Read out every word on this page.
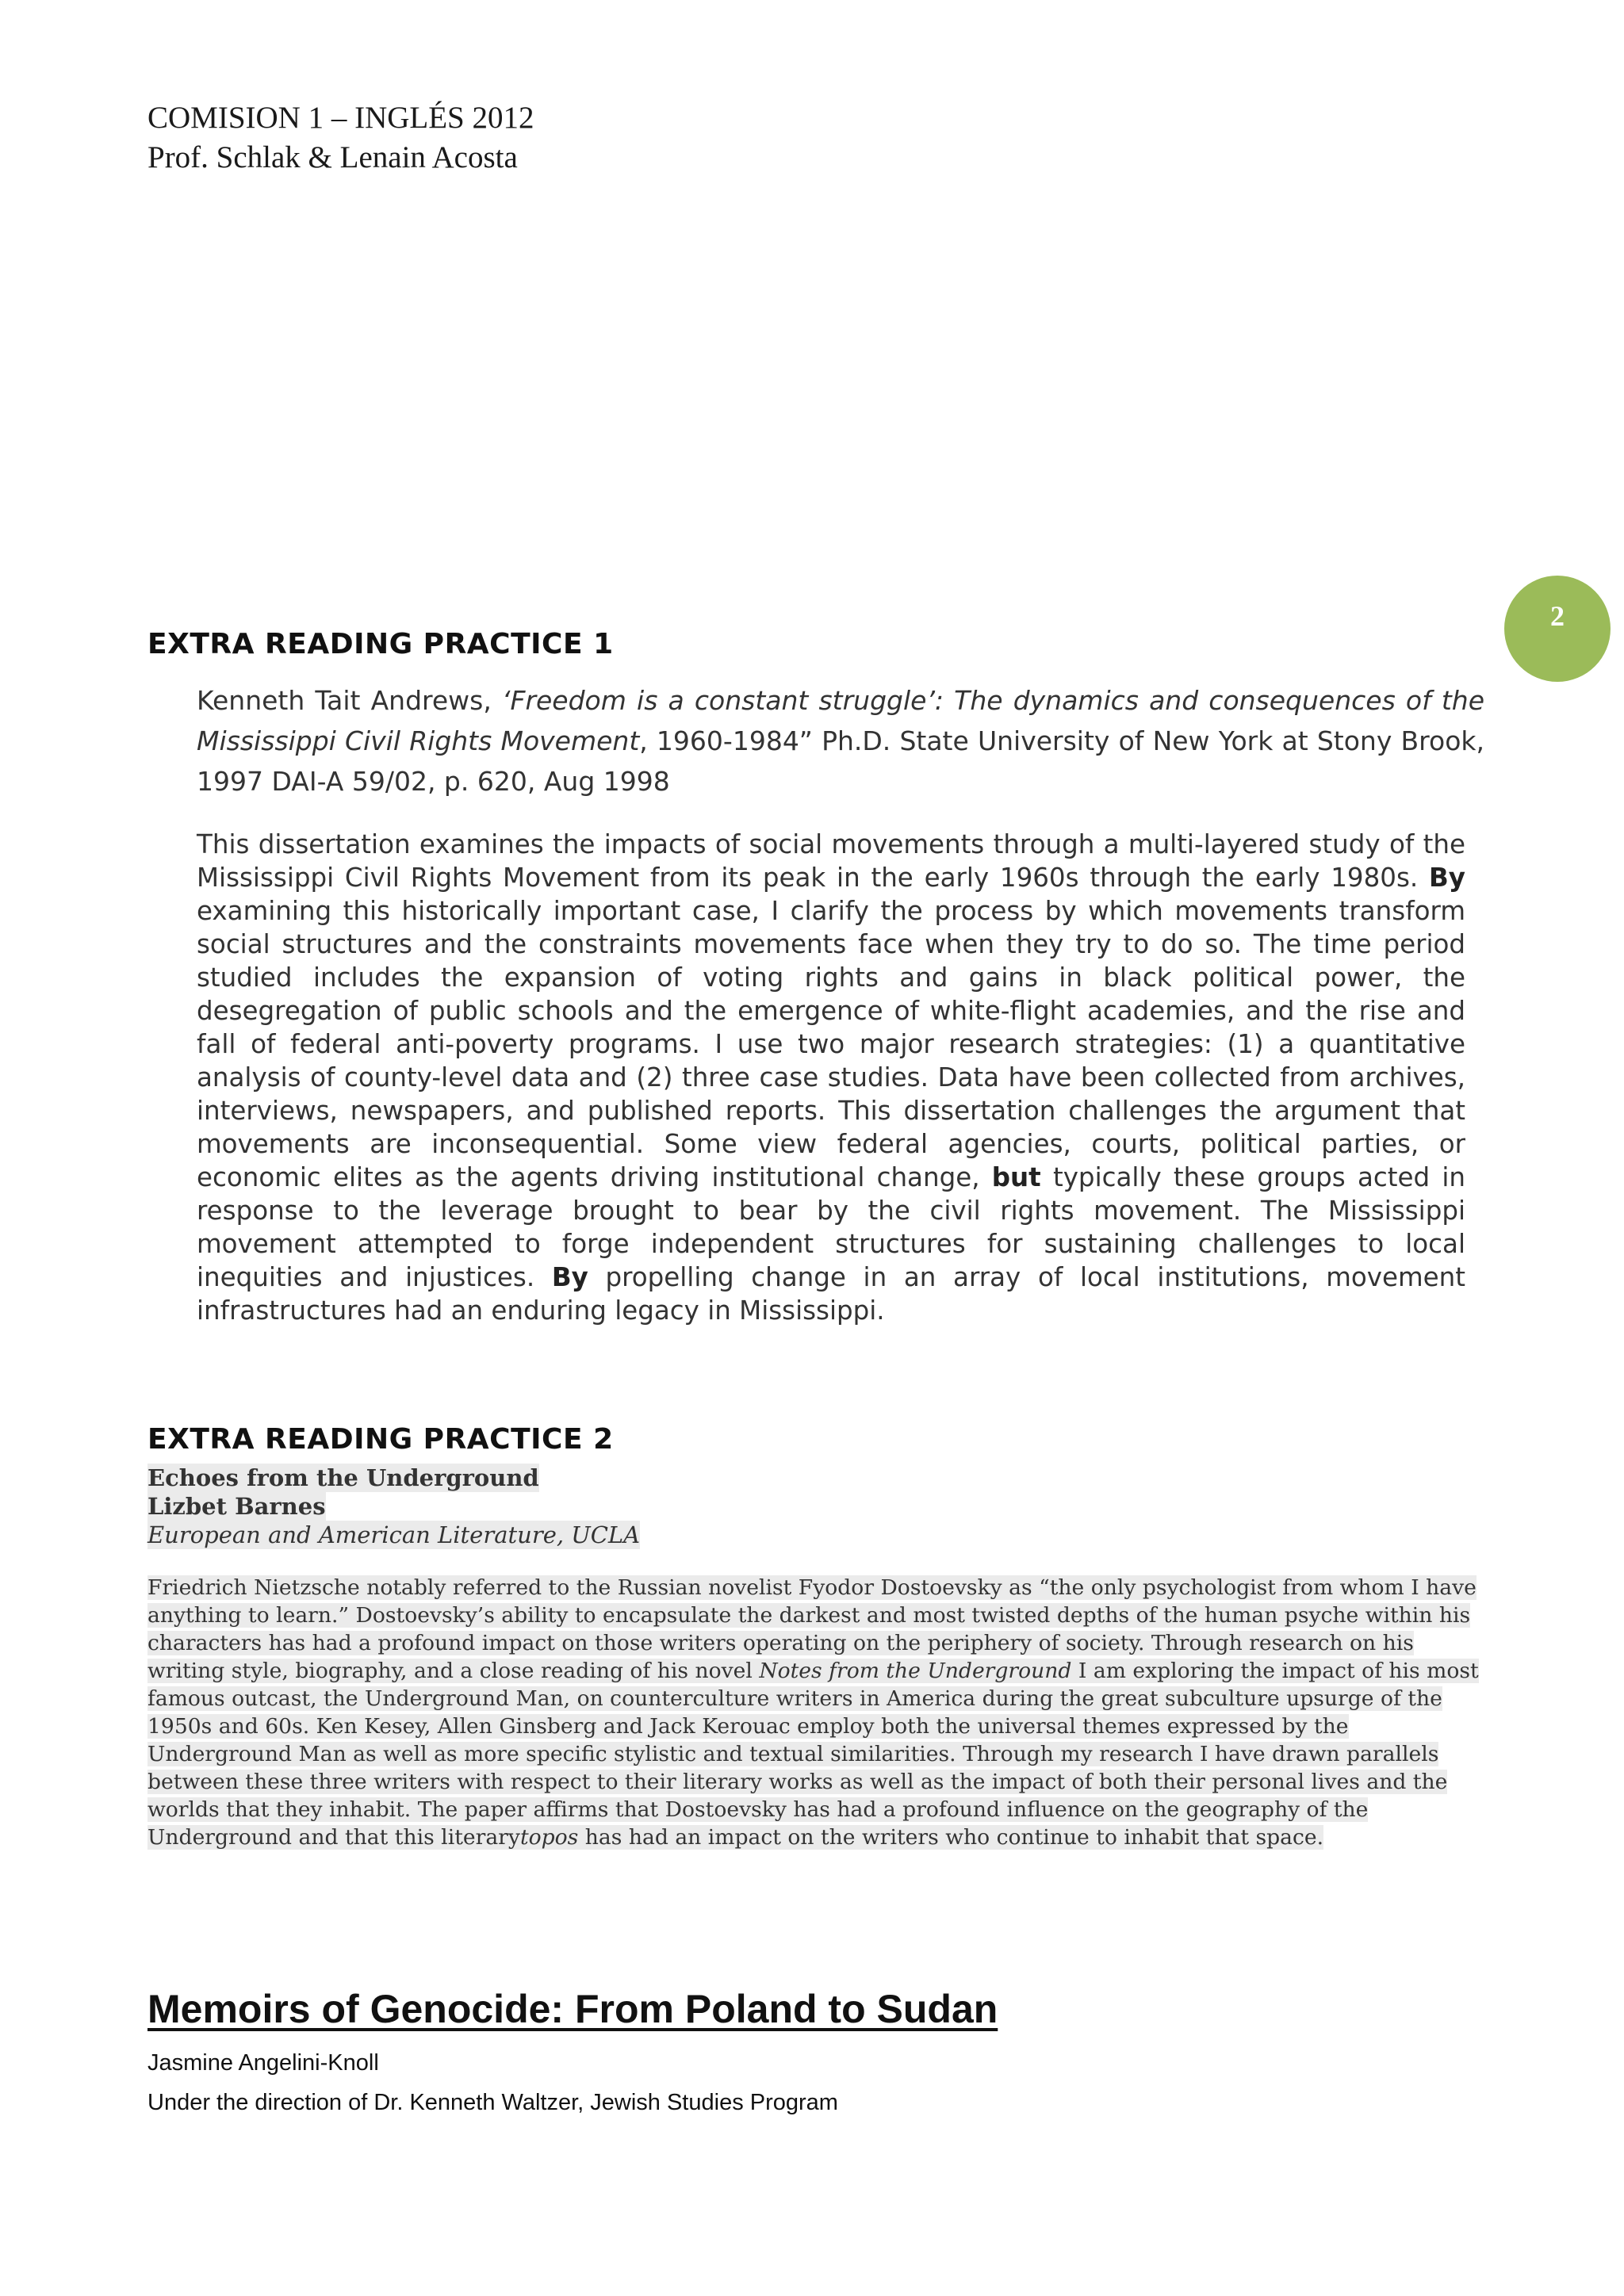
COMISION 1 – INGLÉS 2012
Prof. Schlak & Lenain Acosta
2
EXTRA READING PRACTICE 1
Kenneth Tait Andrews, ‘Freedom is a constant struggle’: The dynamics and consequences of the Mississippi Civil Rights Movement, 1960-1984” Ph.D. State University of New York at Stony Brook, 1997 DAI-A 59/02, p. 620, Aug 1998
This dissertation examines the impacts of social movements through a multi-layered study of the Mississippi Civil Rights Movement from its peak in the early 1960s through the early 1980s. By examining this historically important case, I clarify the process by which movements transform social structures and the constraints movements face when they try to do so. The time period studied includes the expansion of voting rights and gains in black political power, the desegregation of public schools and the emergence of white-flight academies, and the rise and fall of federal anti-poverty programs. I use two major research strategies: (1) a quantitative analysis of county-level data and (2) three case studies. Data have been collected from archives, interviews, newspapers, and published reports. This dissertation challenges the argument that movements are inconsequential. Some view federal agencies, courts, political parties, or economic elites as the agents driving institutional change, but typically these groups acted in response to the leverage brought to bear by the civil rights movement. The Mississippi movement attempted to forge independent structures for sustaining challenges to local inequities and injustices. By propelling change in an array of local institutions, movement infrastructures had an enduring legacy in Mississippi.
EXTRA READING PRACTICE 2
Echoes from the Underground
Lizbet Barnes
European and American Literature, UCLA
Friedrich Nietzsche notably referred to the Russian novelist Fyodor Dostoevsky as “the only psychologist from whom I have anything to learn.” Dostoevsky’s ability to encapsulate the darkest and most twisted depths of the human psyche within his characters has had a profound impact on those writers operating on the periphery of society. Through research on his writing style, biography, and a close reading of his novel Notes from the Underground I am exploring the impact of his most famous outcast, the Underground Man, on counterculture writers in America during the great subculture upsurge of the 1950s and 60s. Ken Kesey, Allen Ginsberg and Jack Kerouac employ both the universal themes expressed by the Underground Man as well as more specific stylistic and textual similarities. Through my research I have drawn parallels between these three writers with respect to their literary works as well as the impact of both their personal lives and the worlds that they inhabit. The paper affirms that Dostoevsky has had a profound influence on the geography of the Underground and that this literarytopos has had an impact on the writers who continue to inhabit that space.
Memoirs of Genocide: From Poland to Sudan
Jasmine Angelini-Knoll
Under the direction of Dr. Kenneth Waltzer, Jewish Studies Program
